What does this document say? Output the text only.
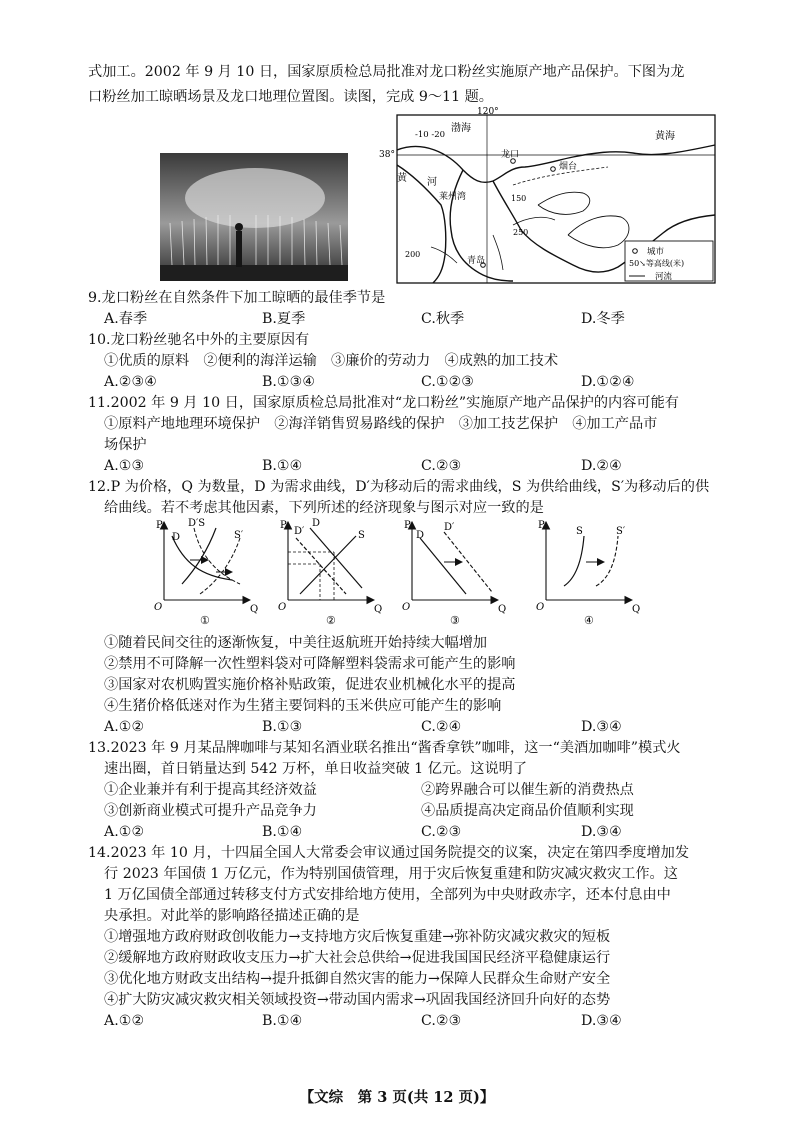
式加工。2002 年 9 月 10 日，国家原质检总局批准对龙口粉丝实施原产地产品保护。下图为龙
口粉丝加工晾晒场景及龙口地理位置图。读图，完成 9～11 题。
120°
38°
-10 -20
渤海
黄海
黄 河
莱州湾
龙口
烟台
青岛
150
200
250
城市
50↘等高线(米)
河流
9.龙口粉丝在自然条件下加工晾晒的最佳季节是
A.春季	B.夏季	C.秋季	D.冬季
10.龙口粉丝驰名中外的主要原因有
①优质的原料　②便利的海洋运输　③廉价的劳动力　④成熟的加工技术
A.②③④	B.①③④	C.①②③	D.①②④
11.2002 年 9 月 10 日，国家原质检总局批准对“龙口粉丝”实施原产地产品保护的内容可能有
①原料产地地理环境保护　②海洋销售贸易路线的保护　③加工技艺保护　④加工产品市
场保护
A.①③	B.①④	C.②③	D.②④
12.P 为价格，Q 为数量，D 为需求曲线，D′为移动后的需求曲线，S 为供给曲线，S′为移动后的供
给曲线。若不考虑其他因素，下列所述的经济现象与图示对应一致的是
P
Q
O
D
D′S
S′
①
P
Q
O
D′
D
S
②
P
Q
O
D
D′
③
P
Q
O
S	S′
④
①随着民间交往的逐渐恢复，中美往返航班开始持续大幅增加
②禁用不可降解一次性塑料袋对可降解塑料袋需求可能产生的影响
③国家对农机购置实施价格补贴政策，促进农业机械化水平的提高
④生猪价格低迷对作为生猪主要饲料的玉米供应可能产生的影响
A.①②	B.①③	C.②④	D.③④
13.2023 年 9 月某品牌咖啡与某知名酒业联名推出“酱香拿铁”咖啡，这一“美酒加咖啡”模式火
速出圈，首日销量达到 542 万杯，单日收益突破 1 亿元。这说明了
①企业兼并有利于提高其经济效益	②跨界融合可以催生新的消费热点
③创新商业模式可提升产品竞争力	④品质提高决定商品价值顺利实现
A.①②	B.①④	C.②③	D.③④
14.2023 年 10 月，十四届全国人大常委会审议通过国务院提交的议案，决定在第四季度增加发
行 2023 年国债 1 万亿元，作为特别国债管理，用于灾后恢复重建和防灾减灾救灾工作。这
1 万亿国债全部通过转移支付方式安排给地方使用，全部列为中央财政赤字，还本付息由中
央承担。对此举的影响路径描述正确的是
①增强地方政府财政创收能力→支持地方灾后恢复重建→弥补防灾减灾救灾的短板
②缓解地方政府财政收支压力→扩大社会总供给→促进我国国民经济平稳健康运行
③优化地方财政支出结构→提升抵御自然灾害的能力→保障人民群众生命财产安全
④扩大防灾减灾救灾相关领域投资→带动国内需求→巩固我国经济回升向好的态势
A.①②	B.①④	C.②③	D.③④
【文综　第 3 页(共 12 页)】
